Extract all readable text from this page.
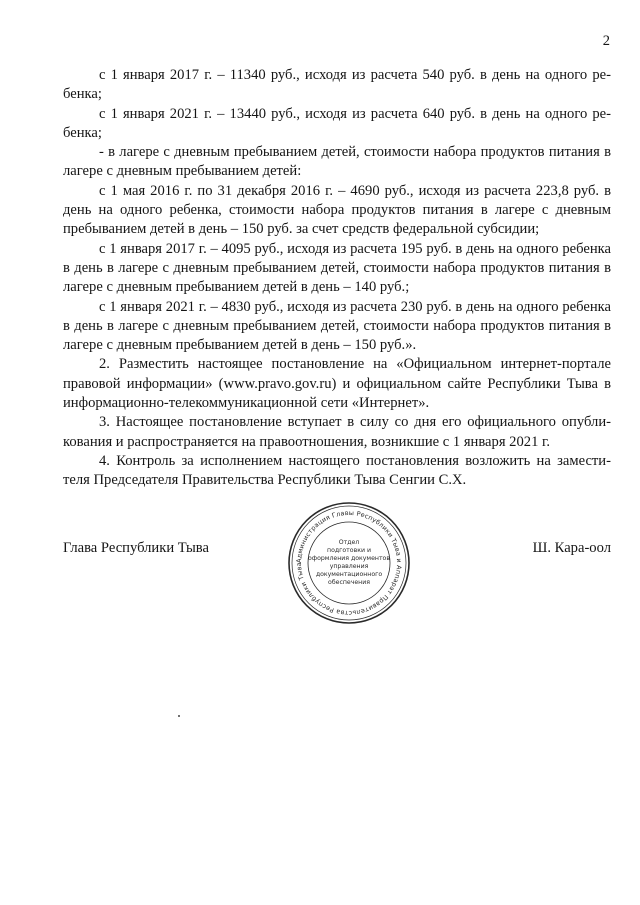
2

с 1 января 2017 г. – 11340 руб., исходя из расчета 540 руб. в день на одного ребенка;

с 1 января 2021 г. – 13440 руб., исходя из расчета 640 руб. в день на одного ребенка;

- в лагере с дневным пребыванием детей, стоимости набора продуктов питания в лагере с дневным пребыванием детей:

с 1 мая 2016 г. по 31 декабря 2016 г. – 4690 руб., исходя из расчета 223,8 руб. в день на одного ребенка, стоимости набора продуктов питания в лагере с дневным пребыванием детей в день – 150 руб. за счет средств федеральной субсидии;

с 1 января 2017 г. – 4095 руб., исходя из расчета 195 руб. в день на одного ребенка в день в лагере с дневным пребыванием детей, стоимости набора продуктов питания в лагере с дневным пребыванием детей в день – 140 руб.;

с 1 января 2021 г. – 4830 руб., исходя из расчета 230 руб. в день на одного ребенка в день в лагере с дневным пребыванием детей, стоимости набора продуктов питания в лагере с дневным пребыванием детей в день – 150 руб.».

2. Разместить настоящее постановление на «Официальном интернет-портале правовой информации» (www.pravo.gov.ru) и официальном сайте Республики Тыва в информационно-телекоммуникационной сети «Интернет».

3. Настоящее постановление вступает в силу со дня его официального опубликования и распространяется на правоотношения, возникшие с 1 января 2021 г.

4. Контроль за исполнением настоящего постановления возложить на заместителя Председателя Правительства Республики Тыва Сенгии С.Х.

Глава Республики Тыва	Ш. Кара-оол
Администрация Главы Республики Тыва и Аппарат Правительства Республики Тыва
Отдел
подготовки и
оформления документов
управления
документационного
обеспечения
